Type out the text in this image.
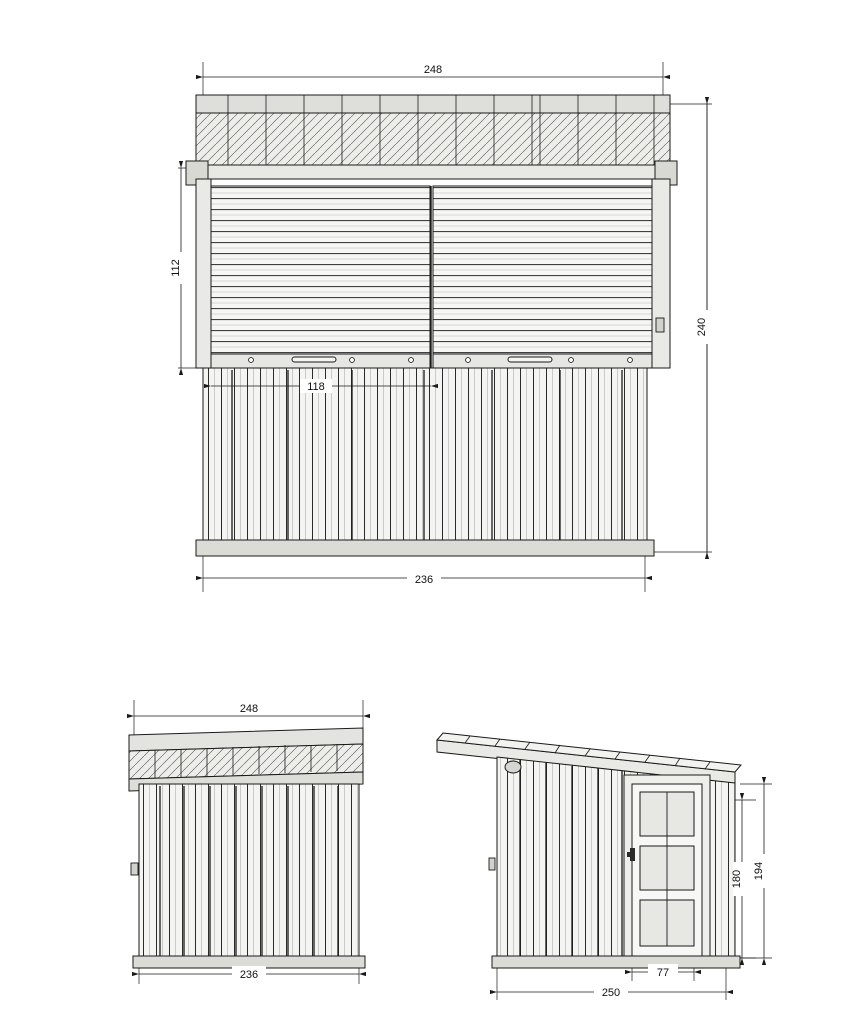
248
112
240
118
236
248
236
194
180
77
250
